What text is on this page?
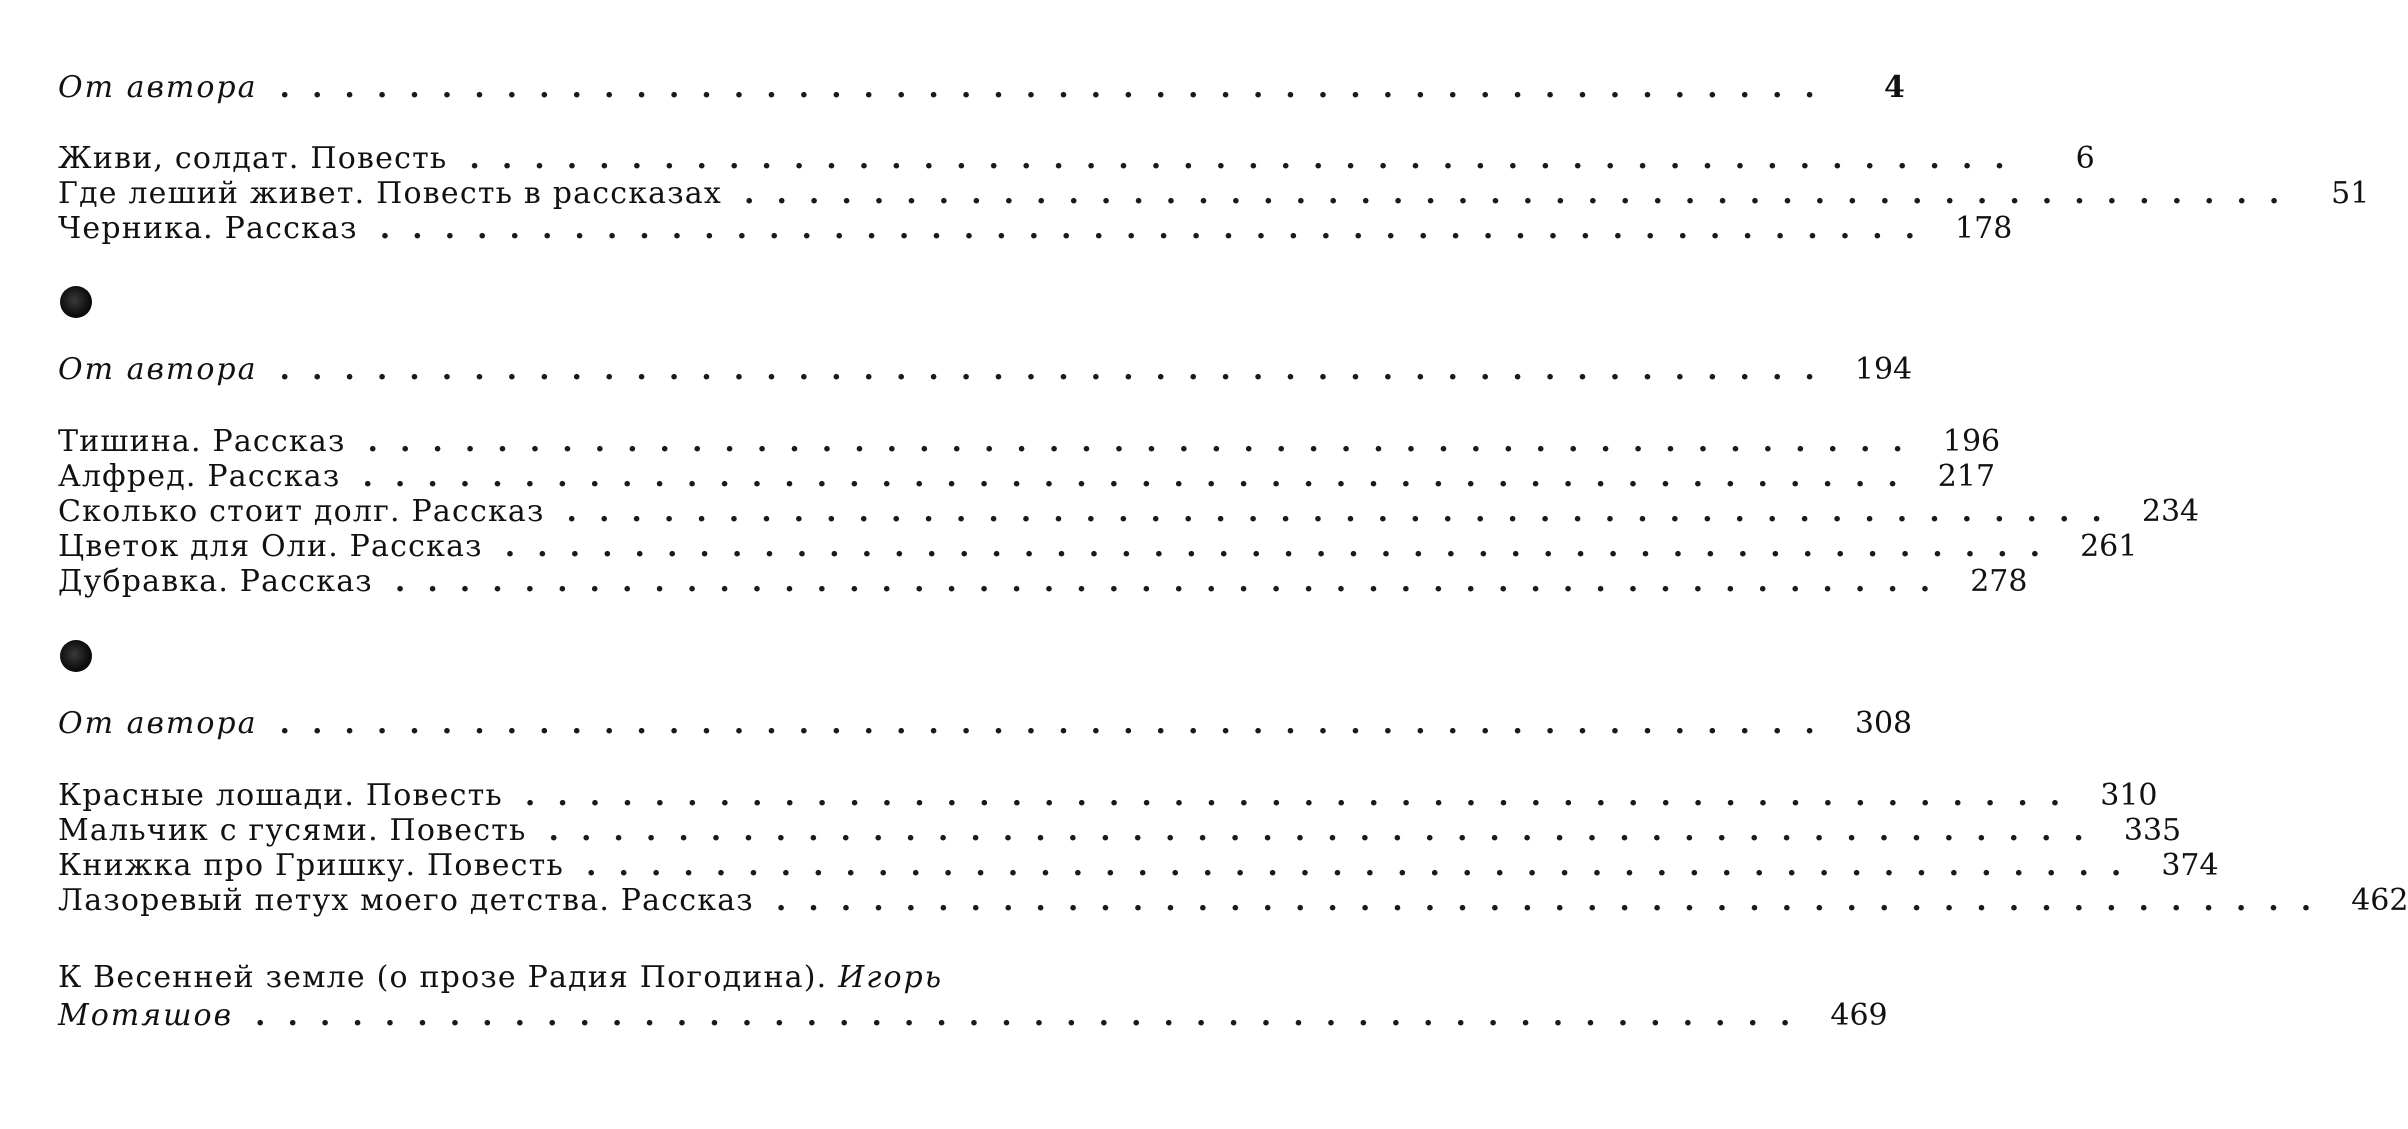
От автора ................................................	4
Живи, солдат. Повесть ................................................	6
Где леший живет. Повесть в рассказах ................................................ 51
Черника. Рассказ ................................................ 178
От автора ................................................ 194
Тишина. Рассказ ................................................ 196
Алфред. Рассказ ................................................ 217
Сколько стоит долг. Рассказ ................................................ 234
Цветок для Оли. Рассказ ................................................ 261
Дубравка. Рассказ ................................................ 278
От автора ................................................ 308
Красные лошади. Повесть ................................................ 310
Мальчик с гусями. Повесть ................................................ 335
Книжка про Гришку. Повесть ................................................ 374
Лазоревый петух моего детства. Рассказ ................................................ 462
К Весенней земле (о прозе Радия Погодина). Игорь
Мотяшов ................................................ 469
